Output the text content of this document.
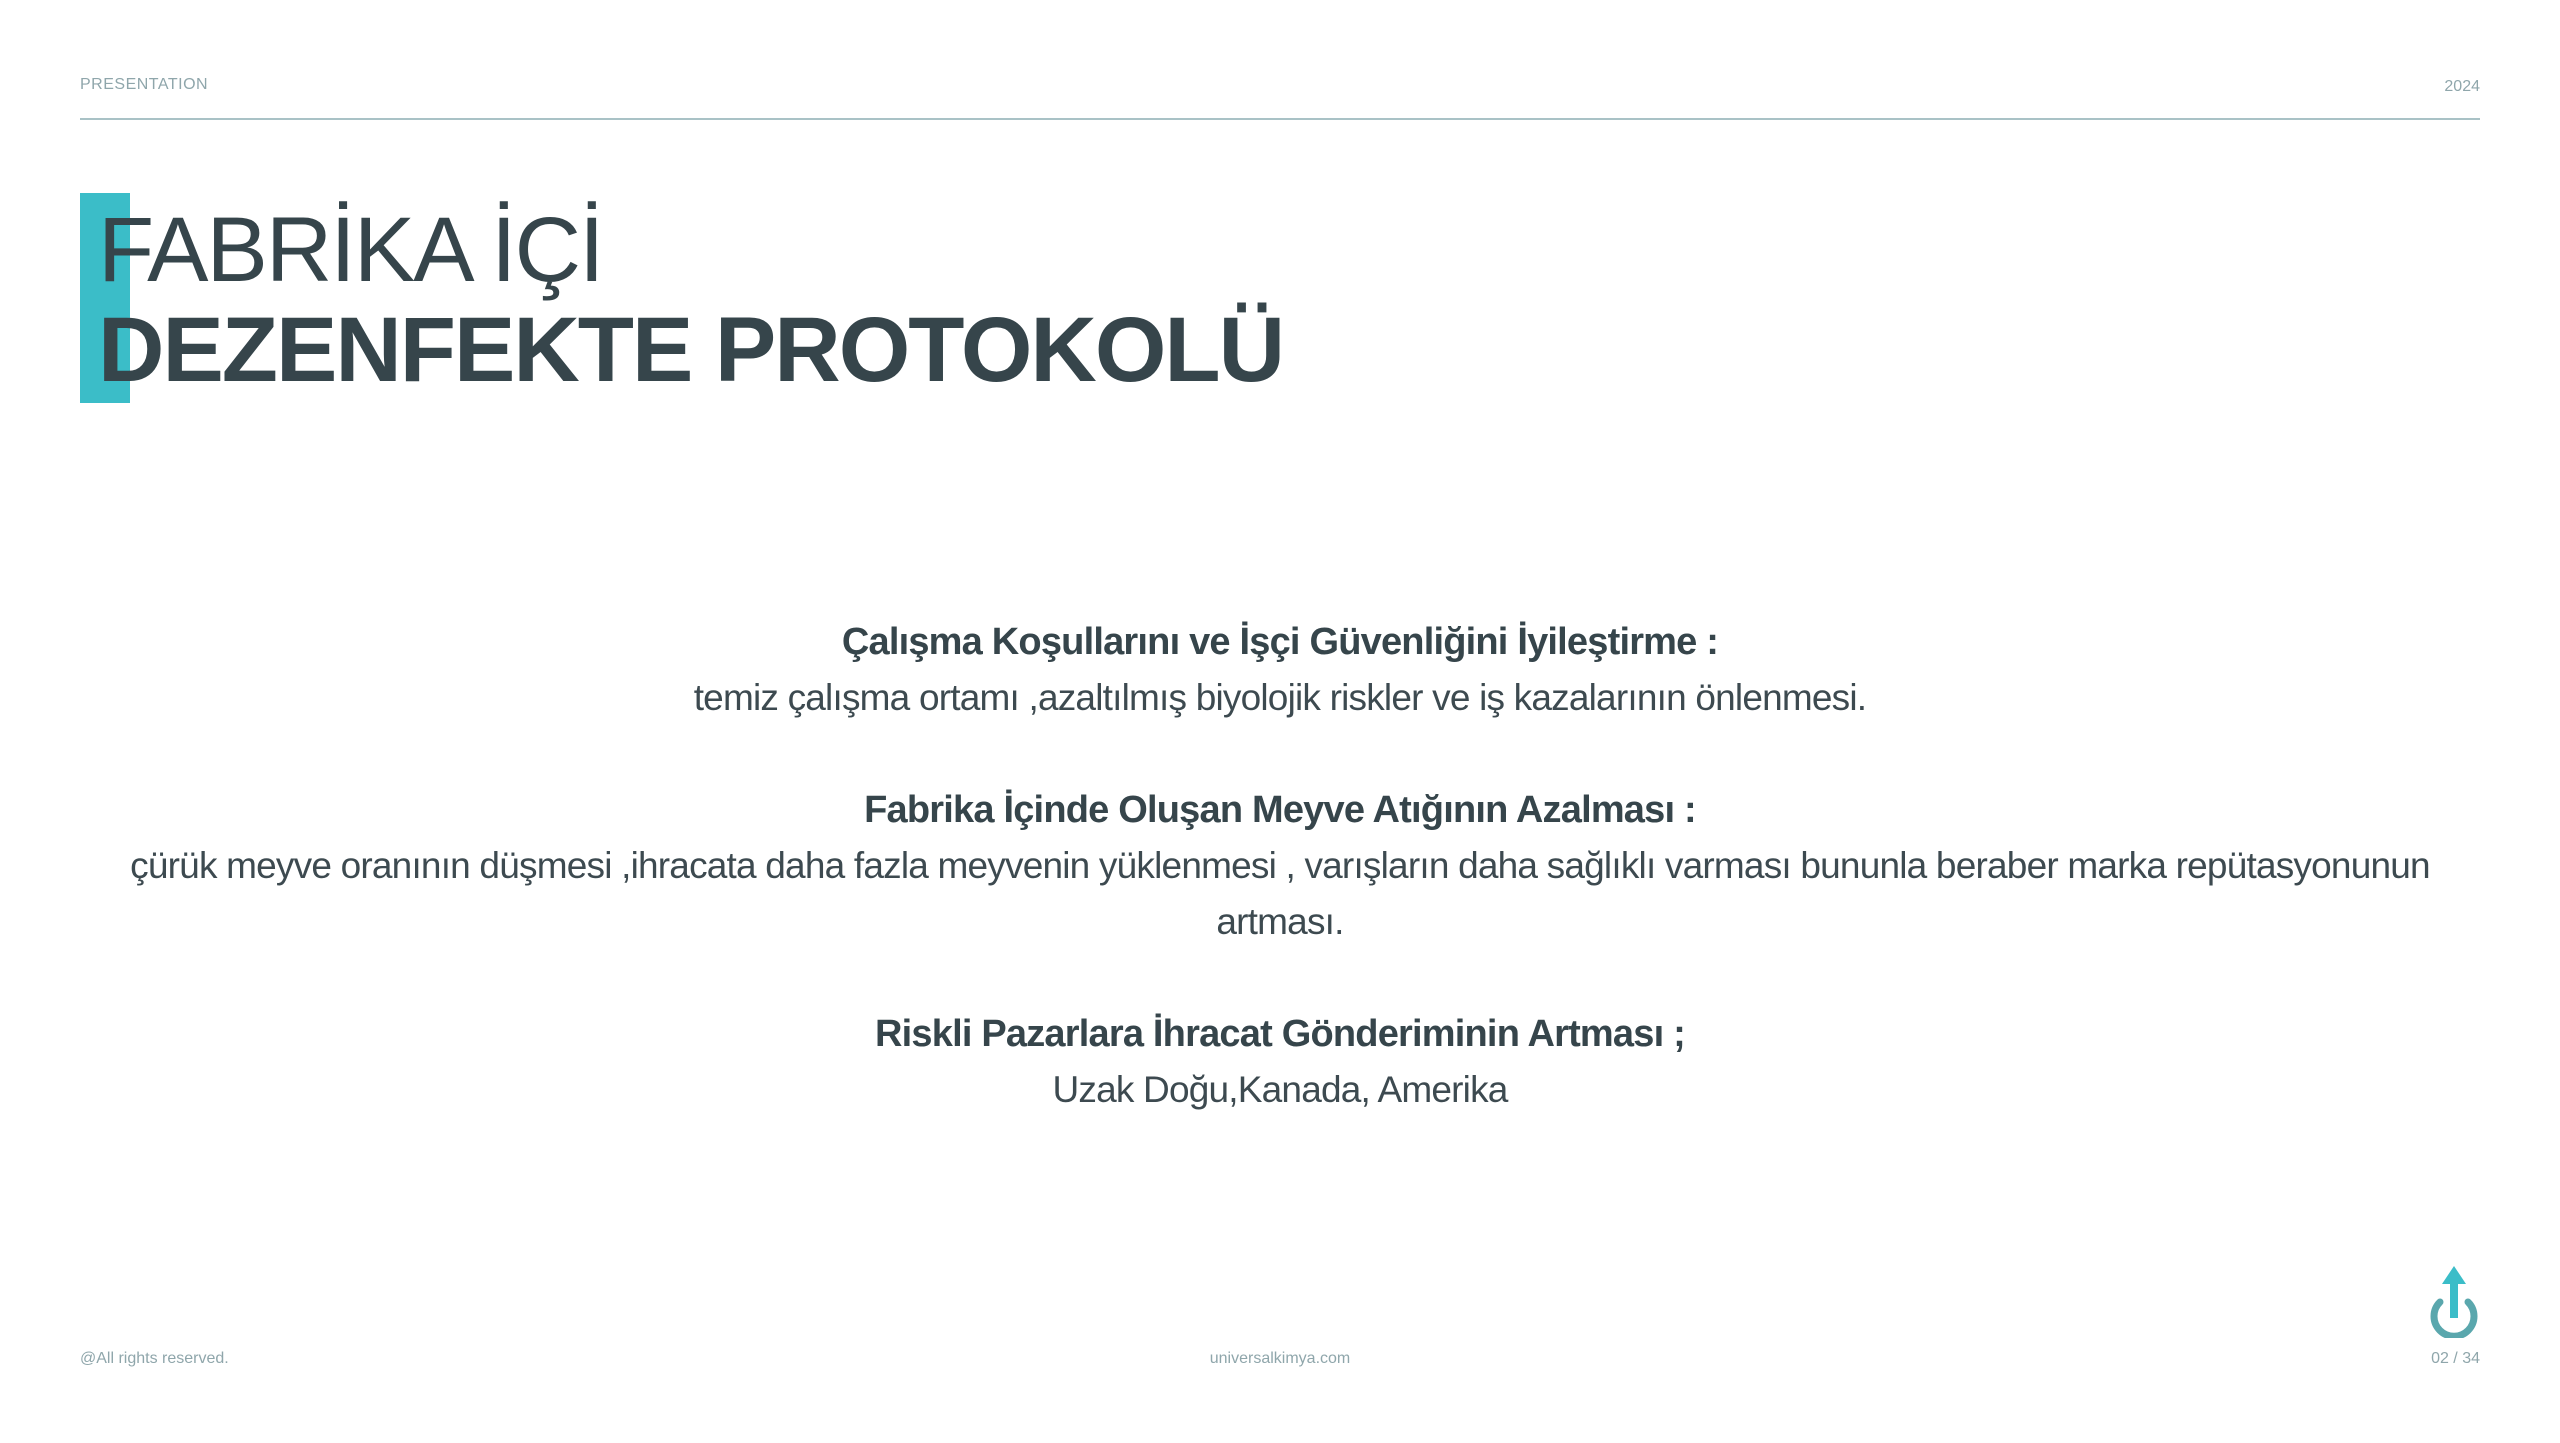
PRESENTATION	2024
FABRİKA İÇİ
DEZENFEKTE PROTOKOLÜ
Çalışma Koşullarını ve İşçi Güvenliğini İyileştirme :
temiz çalışma ortamı ,azaltılmış biyolojik riskler ve iş kazalarının önlenmesi.
Fabrika İçinde Oluşan Meyve Atığının Azalması :
çürük meyve oranının düşmesi ,ihracata daha fazla meyvenin yüklenmesi , varışların daha sağlıklı varması bununla beraber marka repütasyonunun artması.
Riskli Pazarlara İhracat Gönderiminin Artması ;
Uzak Doğu,Kanada, Amerika
@All rights reserved.	universalkimya.com	02 / 34
